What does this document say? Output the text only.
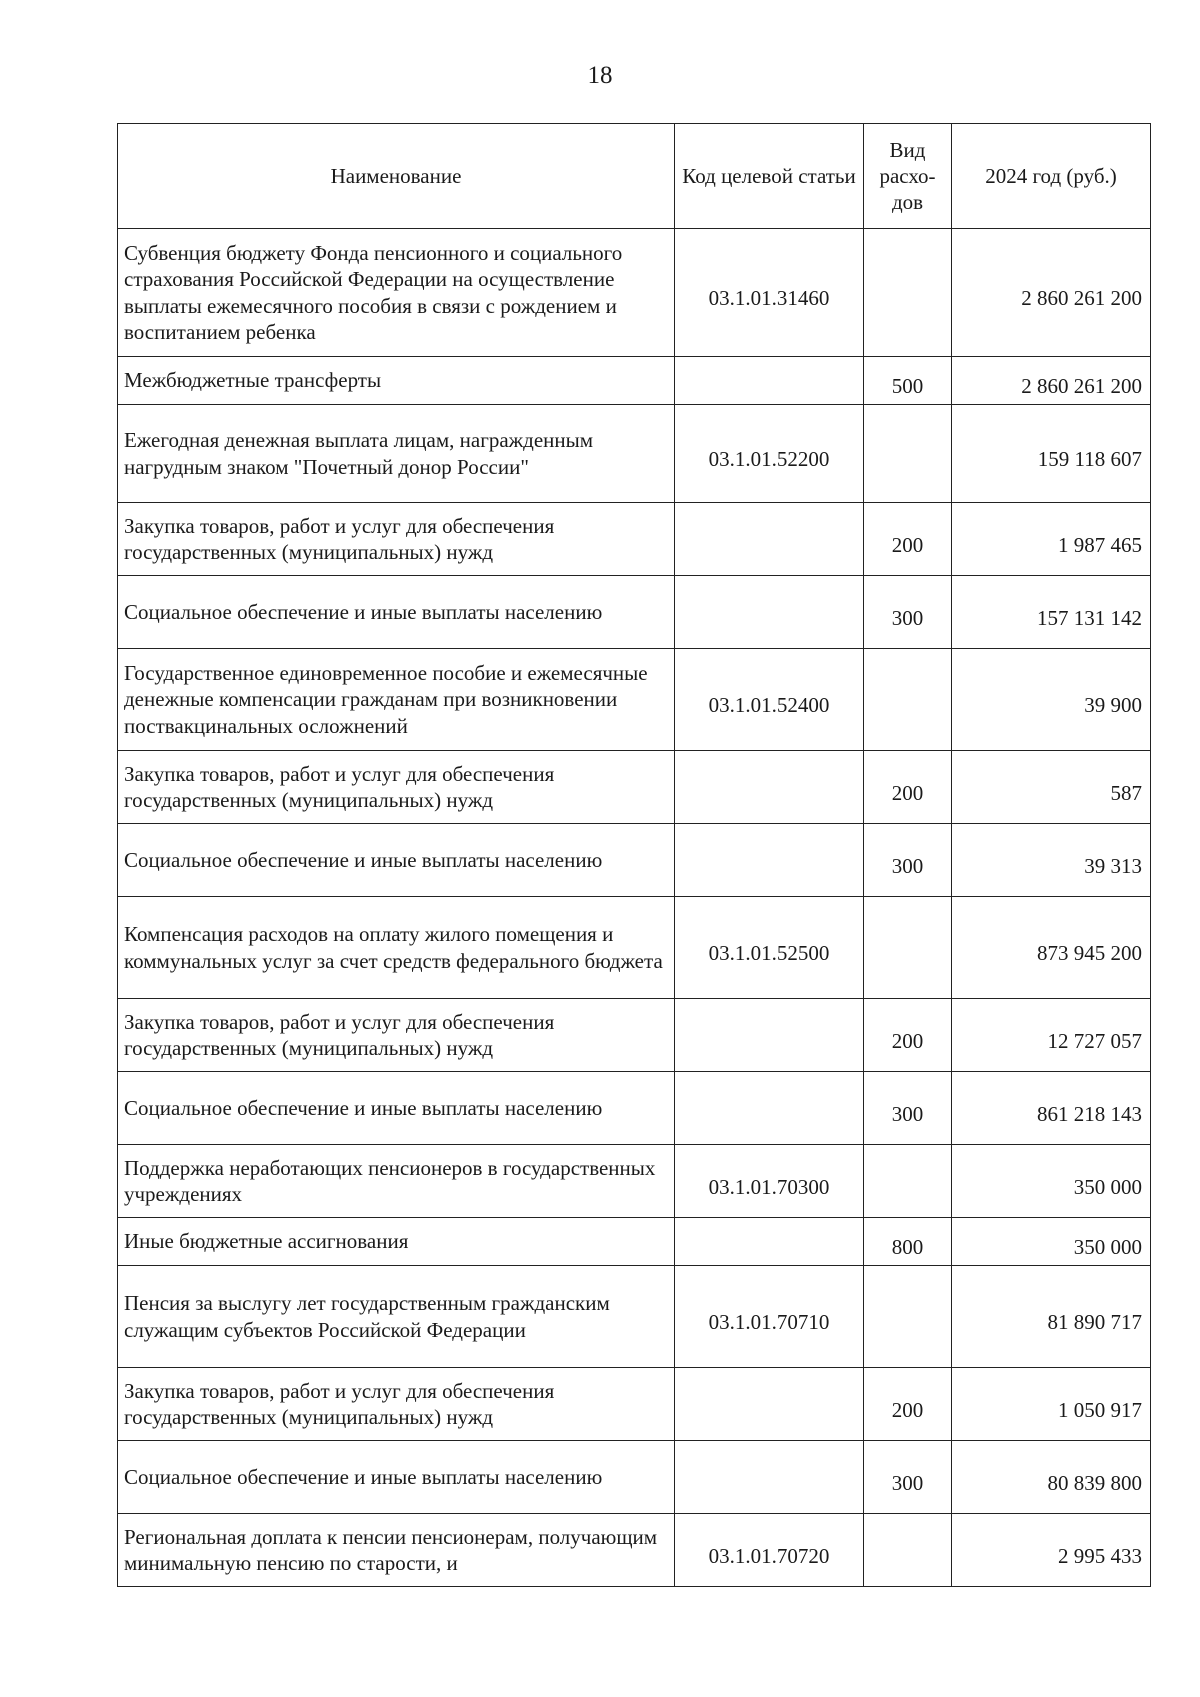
18
Наименование	Код целевой статьи	Вид расхо-дов	2024 год (руб.)
Субвенция бюджету Фонда пенсионного и социального страхования Российской Федерации на осуществление выплаты ежемесячного пособия в связи с рождением и воспитанием ребенка	03.1.01.31460		2 860 261 200
Межбюджетные трансферты		500	2 860 261 200
Ежегодная денежная выплата лицам, награжденным нагрудным знаком "Почетный донор России"	03.1.01.52200		159 118 607
Закупка товаров, работ и услуг для обеспечения государственных (муниципальных) нужд		200	1 987 465
Социальное обеспечение и иные выплаты населению		300	157 131 142
Государственное единовременное пособие и ежемесячные денежные компенсации гражданам при возникновении поствакцинальных осложнений	03.1.01.52400		39 900
Закупка товаров, работ и услуг для обеспечения государственных (муниципальных) нужд		200	587
Социальное обеспечение и иные выплаты населению		300	39 313
Компенсация расходов на оплату жилого помещения и коммунальных услуг за счет средств федерального бюджета	03.1.01.52500		873 945 200
Закупка товаров, работ и услуг для обеспечения государственных (муниципальных) нужд		200	12 727 057
Социальное обеспечение и иные выплаты населению		300	861 218 143
Поддержка неработающих пенсионеров в государственных учреждениях	03.1.01.70300		350 000
Иные бюджетные ассигнования		800	350 000
Пенсия за выслугу лет государственным гражданским служащим субъектов Российской Федерации	03.1.01.70710		81 890 717
Закупка товаров, работ и услуг для обеспечения государственных (муниципальных) нужд		200	1 050 917
Социальное обеспечение и иные выплаты населению		300	80 839 800
Региональная доплата к пенсии пенсионерам, получающим минимальную пенсию по старости, и	03.1.01.70720		2 995 433
